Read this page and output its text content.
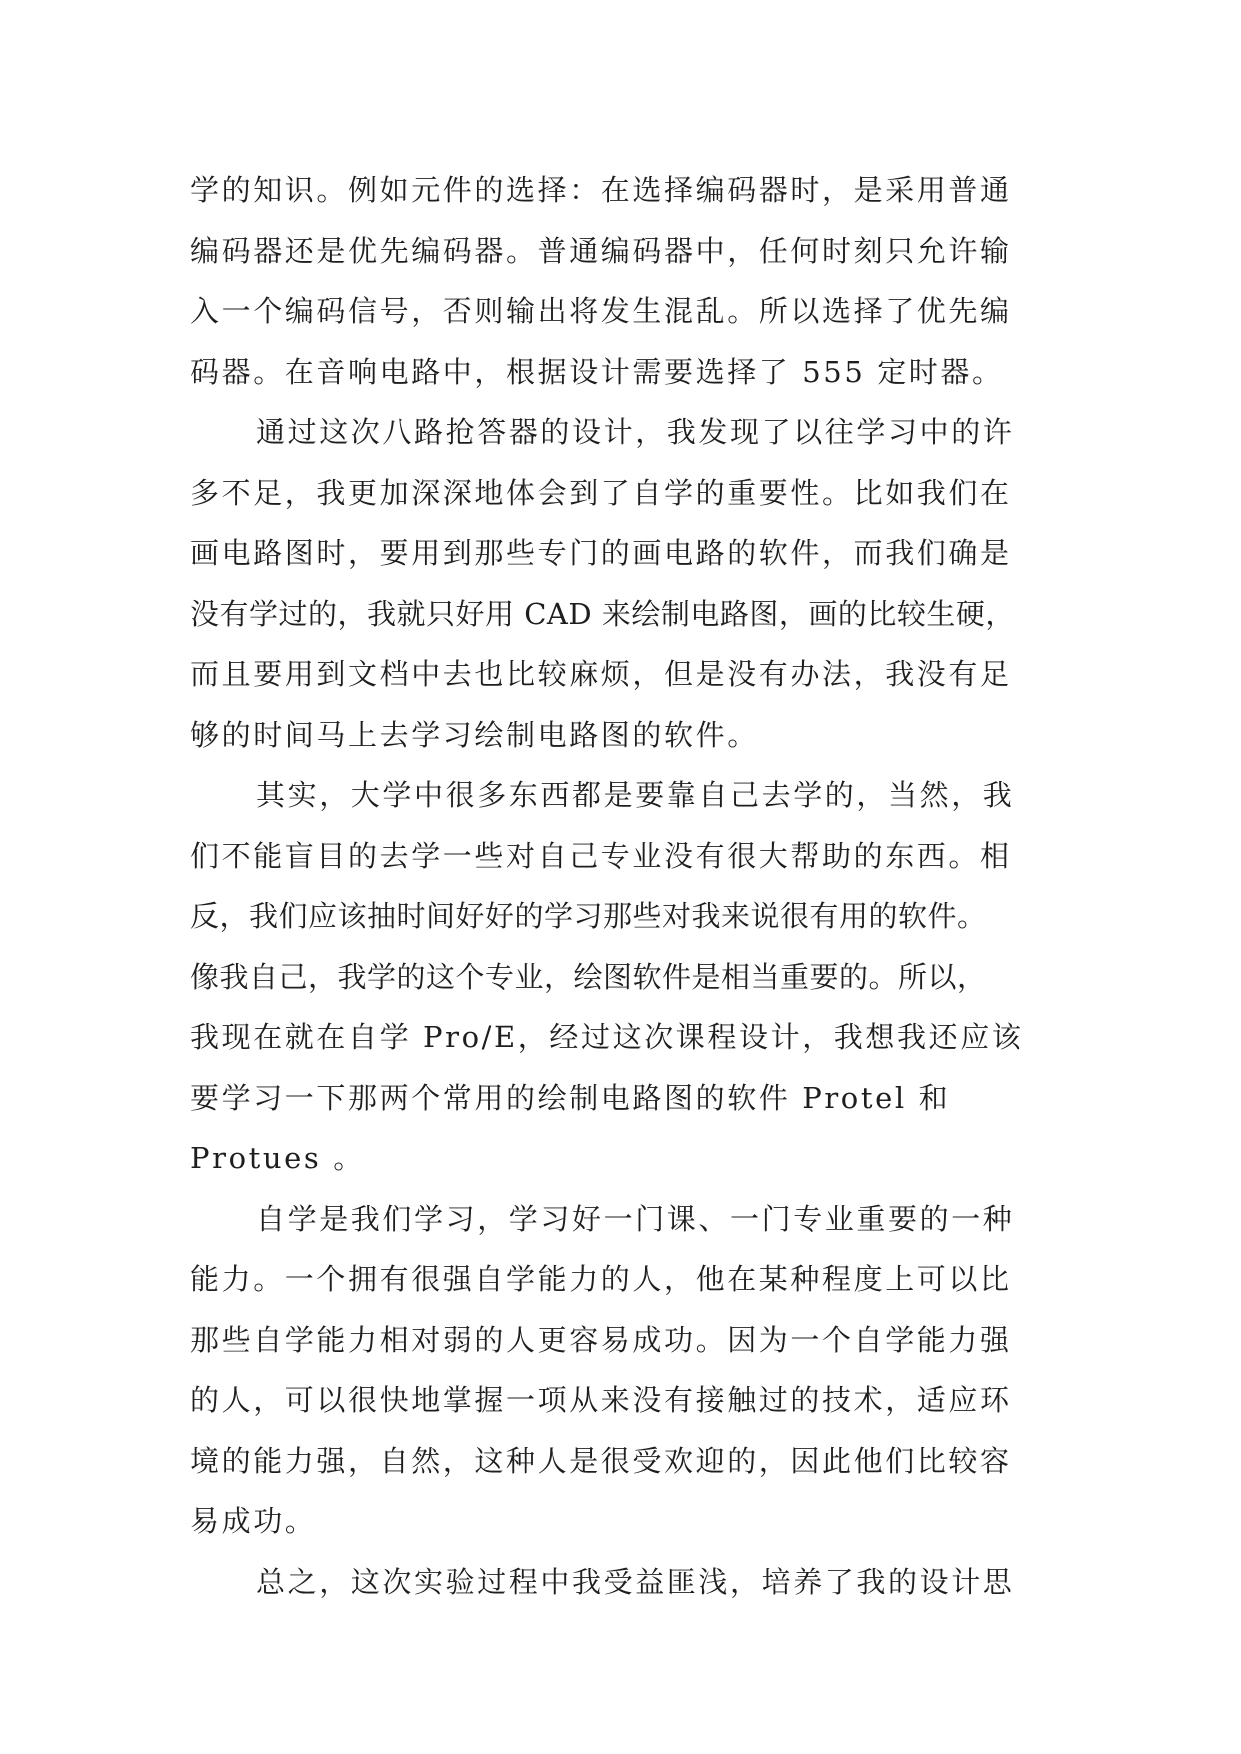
学的知识。例如元件的选择：在选择编码器时，是采用普通
编码器还是优先编码器。普通编码器中，任何时刻只允许输
入一个编码信号，否则输出将发生混乱。所以选择了优先编
码器。在音响电路中，根据设计需要选择了 555 定时器。
通过这次八路抢答器的设计，我发现了以往学习中的许
多不足，我更加深深地体会到了自学的重要性。比如我们在
画电路图时，要用到那些专门的画电路的软件，而我们确是
没有学过的，我就只好用 CAD 来绘制电路图，画的比较生硬，
而且要用到文档中去也比较麻烦，但是没有办法，我没有足
够的时间马上去学习绘制电路图的软件。
其实，大学中很多东西都是要靠自己去学的，当然，我
们不能盲目的去学一些对自己专业没有很大帮助的东西。相
反，我们应该抽时间好好的学习那些对我来说很有用的软件。
像我自己，我学的这个专业，绘图软件是相当重要的。所以，
我现在就在自学 Pro/E，经过这次课程设计，我想我还应该
要学习一下那两个常用的绘制电路图的软件 Protel 和
Protues 。
自学是我们学习，学习好一门课、一门专业重要的一种
能力。一个拥有很强自学能力的人，他在某种程度上可以比
那些自学能力相对弱的人更容易成功。因为一个自学能力强
的人，可以很快地掌握一项从来没有接触过的技术，适应环
境的能力强，自然，这种人是很受欢迎的，因此他们比较容
易成功。
总之，这次实验过程中我受益匪浅，培养了我的设计思
